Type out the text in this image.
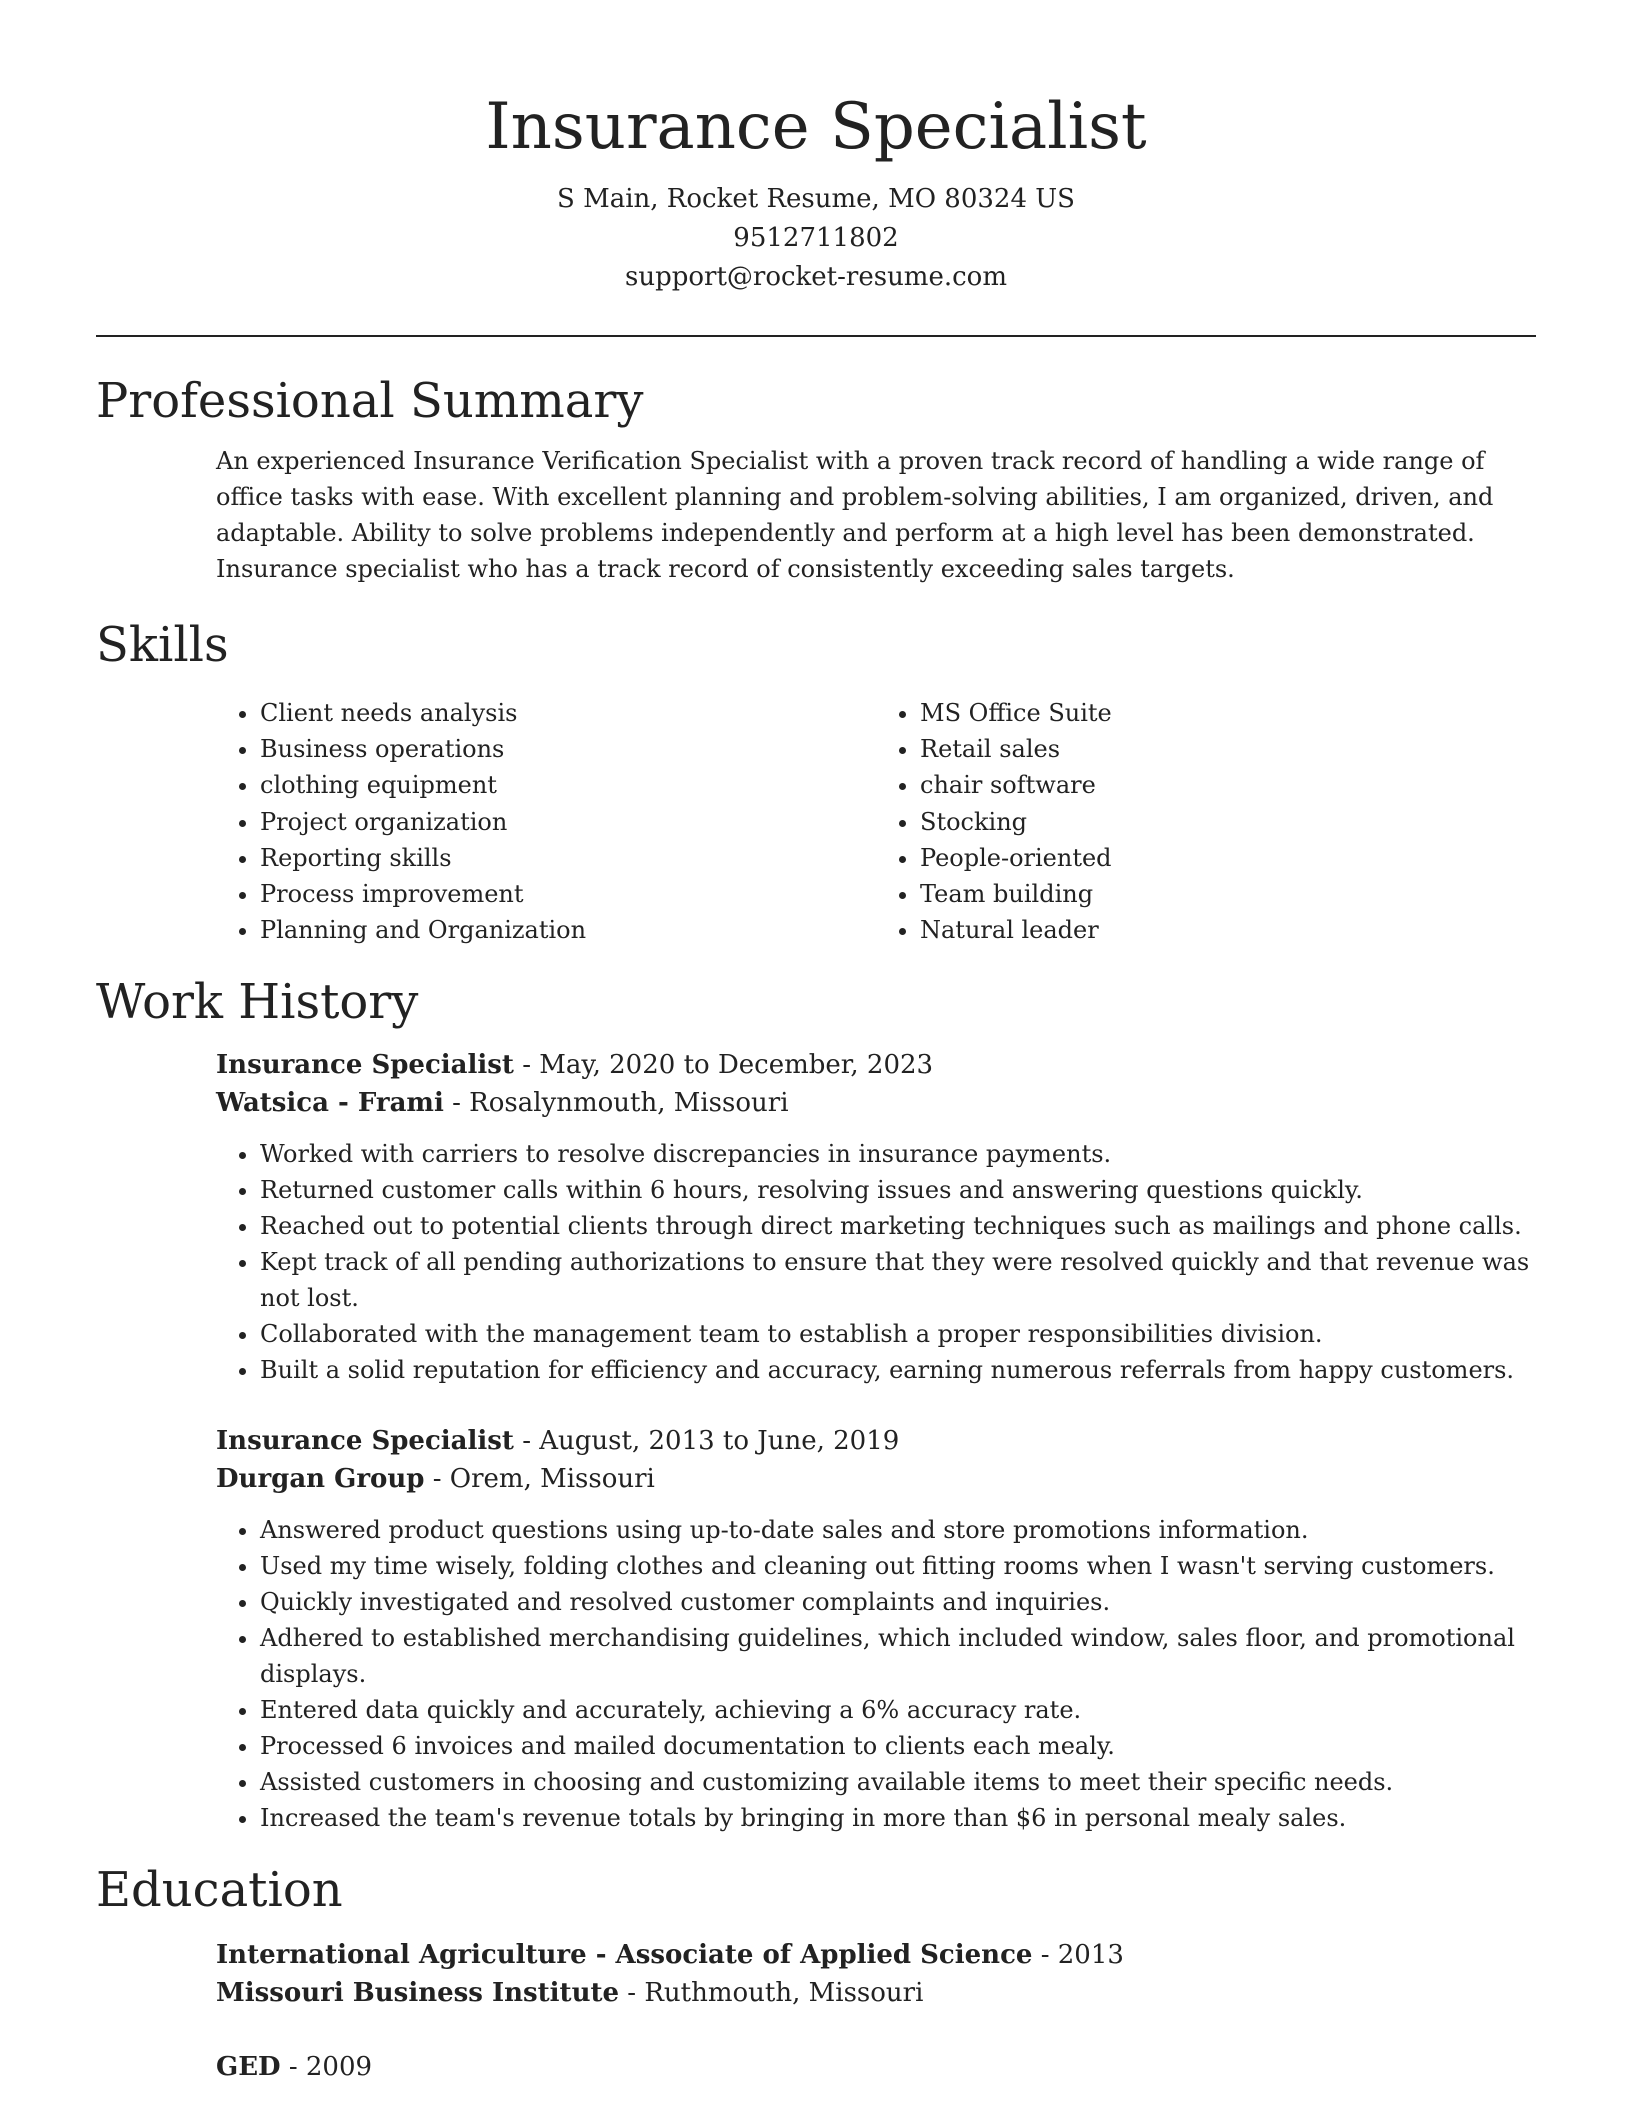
Insurance Specialist
S Main, Rocket Resume, MO 80324 US
9512711802
support@rocket-resume.com
Professional Summary
An experienced Insurance Verification Specialist with a proven track record of handling a wide range of office tasks with ease. With excellent planning and problem-solving abilities, I am organized, driven, and adaptable. Ability to solve problems independently and perform at a high level has been demonstrated. Insurance specialist who has a track record of consistently exceeding sales targets.
Skills
• Client needs analysis
• Business operations
• clothing equipment
• Project organization
• Reporting skills
• Process improvement
• Planning and Organization
• MS Office Suite
• Retail sales
• chair software
• Stocking
• People-oriented
• Team building
• Natural leader
Work History
Insurance Specialist - May, 2020 to December, 2023
Watsica - Frami - Rosalynmouth, Missouri
• Worked with carriers to resolve discrepancies in insurance payments.
• Returned customer calls within 6 hours, resolving issues and answering questions quickly.
• Reached out to potential clients through direct marketing techniques such as mailings and phone calls.
• Kept track of all pending authorizations to ensure that they were resolved quickly and that revenue was not lost.
• Collaborated with the management team to establish a proper responsibilities division.
• Built a solid reputation for efficiency and accuracy, earning numerous referrals from happy customers.
Insurance Specialist - August, 2013 to June, 2019
Durgan Group - Orem, Missouri
• Answered product questions using up-to-date sales and store promotions information.
• Used my time wisely, folding clothes and cleaning out fitting rooms when I wasn't serving customers.
• Quickly investigated and resolved customer complaints and inquiries.
• Adhered to established merchandising guidelines, which included window, sales floor, and promotional displays.
• Entered data quickly and accurately, achieving a 6% accuracy rate.
• Processed 6 invoices and mailed documentation to clients each mealy.
• Assisted customers in choosing and customizing available items to meet their specific needs.
• Increased the team's revenue totals by bringing in more than $6 in personal mealy sales.
Education
International Agriculture - Associate of Applied Science - 2013
Missouri Business Institute - Ruthmouth, Missouri
GED - 2009
